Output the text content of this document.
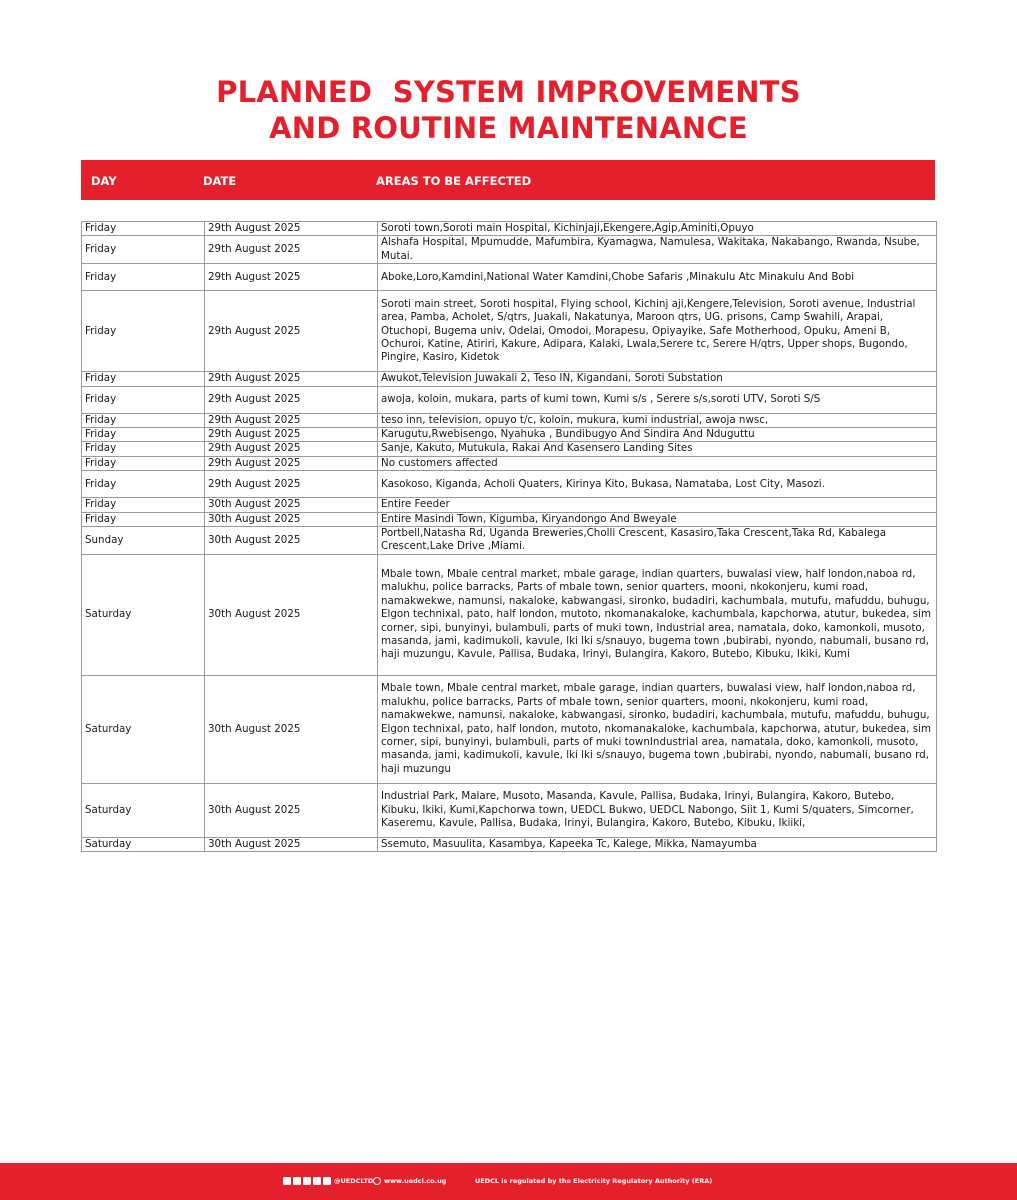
PLANNED  SYSTEM IMPROVEMENTS
AND ROUTINE MAINTENANCE
DAY	DATE	AREAS TO BE AFFECTED
Friday	29th August 2025	Soroti town,Soroti main Hospital, Kichinjaji,Ekengere,Agip,Aminiti,Opuyo
Friday	29th August 2025	Alshafa Hospital, Mpumudde, Mafumbira, Kyamagwa, Namulesa, Wakitaka, Nakabango, Rwanda, Nsube, Mutai.
Friday	29th August 2025	Aboke,Loro,Kamdini,National Water Kamdini,Chobe Safaris ,Minakulu Atc Minakulu And Bobi
Friday	29th August 2025	Soroti main street, Soroti hospital, Flying school, Kichinj aji,Kengere,Television, Soroti avenue, Industrial area, Pamba, Acholet, S/qtrs, Juakali, Nakatunya, Maroon qtrs, UG. prisons, Camp Swahili, Arapai, Otuchopi, Bugema univ, Odelai, Omodoi, Morapesu, Opiyayike, Safe Motherhood, Opuku, Ameni B, Ochuroi, Katine, Atiriri, Kakure, Adipara, Kalaki, Lwala,Serere tc, Serere H/qtrs, Upper shops, Bugondo, Pingire, Kasiro, Kidetok
Friday	29th August 2025	Awukot,Television Juwakali 2, Teso IN, Kigandani, Soroti Substation
Friday	29th August 2025	awoja, koloin, mukara, parts of kumi town, Kumi s/s , Serere s/s,soroti UTV, Soroti S/S
Friday	29th August 2025	teso inn, television, opuyo t/c, koloin, mukura, kumi industrial, awoja nwsc,
Friday	29th August 2025	Karugutu,Rwebisengo, Nyahuka , Bundibugyo And Sindira And Nduguttu
Friday	29th August 2025	Sanje, Kakuto, Mutukula, Rakai And Kasensero Landing Sites
Friday	29th August 2025	No customers affected
Friday	29th August 2025	Kasokoso, Kiganda, Acholi Quaters, Kirinya Kito, Bukasa, Namataba, Lost City, Masozi.
Friday	30th August 2025	Entire Feeder
Friday	30th August 2025	Entire Masindi Town, Kigumba, Kiryandongo And Bweyale
Sunday	30th August 2025	Portbell,Natasha Rd, Uganda Breweries,Cholli Crescent, Kasasiro,Taka Crescent,Taka Rd, Kabalega Crescent,Lake Drive ,Miami.
Saturday	30th August 2025	Mbale town, Mbale central market, mbale garage, indian quarters, buwalasi view, half london,naboa rd, malukhu, police barracks, Parts of mbale town, senior quarters, mooni, nkokonjeru, kumi road, namakwekwe, namunsi, nakaloke, kabwangasi, sironko, budadiri, kachumbala, mutufu, mafuddu, buhugu, Elgon technixal, pato, half london, mutoto, nkomanakaloke, kachumbala, kapchorwa, atutur, bukedea, sim corner, sipi, bunyinyi, bulambuli, parts of muki town, Industrial area, namatala, doko, kamonkoli, musoto, masanda, jami, kadimukoli, kavule, lki lki s/snauyo, bugema town ,bubirabi, nyondo, nabumali, busano rd, haji muzungu, Kavule, Pallisa, Budaka, Irinyi, Bulangira, Kakoro, Butebo, Kibuku, Ikiki, Kumi
Saturday	30th August 2025	Mbale town, Mbale central market, mbale garage, indian quarters, buwalasi view, half london,naboa rd, malukhu, police barracks, Parts of mbale town, senior quarters, mooni, nkokonjeru, kumi road, namakwekwe, namunsi, nakaloke, kabwangasi, sironko, budadiri, kachumbala, mutufu, mafuddu, buhugu, Elgon technixal, pato, half london, mutoto, nkomanakaloke, kachumbala, kapchorwa, atutur, bukedea, sim corner, sipi, bunyinyi, bulambuli, parts of muki townIndustrial area, namatala, doko, kamonkoli, musoto, masanda, jami, kadimukoli, kavule, lki lki s/snauyo, bugema town ,bubirabi, nyondo, nabumali, busano rd, haji muzungu
Saturday	30th August 2025	Industrial Park, Malare, Musoto, Masanda, Kavule, Pallisa, Budaka, Irinyi, Bulangira, Kakoro, Butebo, Kibuku, Ikiki, Kumi,Kapchorwa town, UEDCL Bukwo, UEDCL Nabongo, Siit 1, Kumi S/quaters, Simcorner, Kaseremu, Kavule, Pallisa, Budaka, Irinyi, Bulangira, Kakoro, Butebo, Kibuku, Ikiiki,
Saturday	30th August 2025	Ssemuto, Masuulita, Kasambya, Kapeeka Tc, Kalege, Mikka, Namayumba
@UEDCLTD www.uedcl.co.ug	UEDCL is regulated by the Electricity Regulatory Authority (ERA)
